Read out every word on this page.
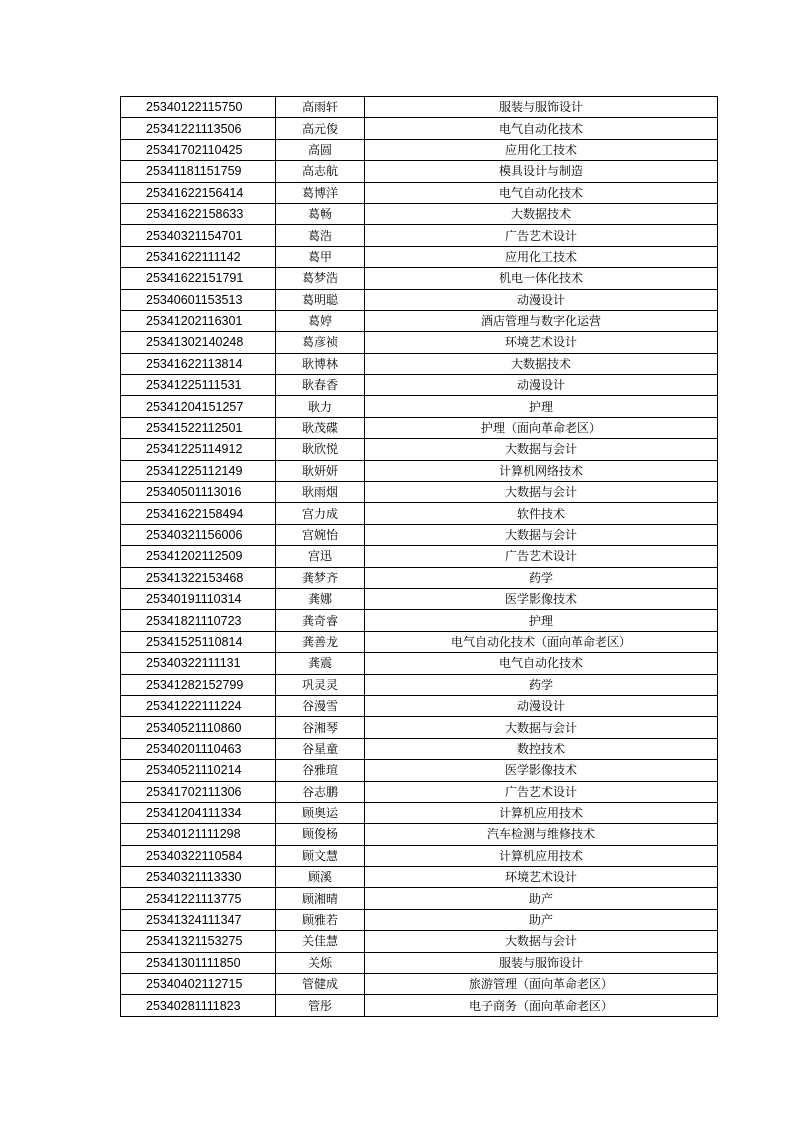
25340122115750	高雨轩	服装与服饰设计
25341221113506	高元俊	电气自动化技术
25341702110425	高圆	应用化工技术
25341181151759	高志航	模具设计与制造
25341622156414	葛博洋	电气自动化技术
25341622158633	葛畅	大数据技术
25340321154701	葛浩	广告艺术设计
25341622111142	葛甲	应用化工技术
25341622151791	葛梦浩	机电一体化技术
25340601153513	葛明聪	动漫设计
25341202116301	葛婷	酒店管理与数字化运营
25341302140248	葛彦祯	环境艺术设计
25341622113814	耿博林	大数据技术
25341225111531	耿春香	动漫设计
25341204151257	耿力	护理
25341522112501	耿茂碟	护理（面向革命老区）
25341225114912	耿欣悦	大数据与会计
25341225112149	耿妍妍	计算机网络技术
25340501113016	耿雨烟	大数据与会计
25341622158494	宫力成	软件技术
25340321156006	宫婉怡	大数据与会计
25341202112509	宫迅	广告艺术设计
25341322153468	龚梦齐	药学
25340191110314	龚娜	医学影像技术
25341821110723	龚奇睿	护理
25341525110814	龚善龙	电气自动化技术（面向革命老区）
25340322111131	龚震	电气自动化技术
25341282152799	巩灵灵	药学
25341222111224	谷漫雪	动漫设计
25340521110860	谷湘琴	大数据与会计
25340201110463	谷星童	数控技术
25340521110214	谷雅瑄	医学影像技术
25341702111306	谷志鹏	广告艺术设计
25341204111334	顾奥运	计算机应用技术
25340121111298	顾俊杨	汽车检测与维修技术
25340322110584	顾文慧	计算机应用技术
25340321113330	顾溪	环境艺术设计
25341221113775	顾湘晴	助产
25341324111347	顾雅若	助产
25341321153275	关佳慧	大数据与会计
25341301111850	关烁	服装与服饰设计
25340402112715	管健成	旅游管理（面向革命老区）
25340281111823	管彤	电子商务（面向革命老区）
